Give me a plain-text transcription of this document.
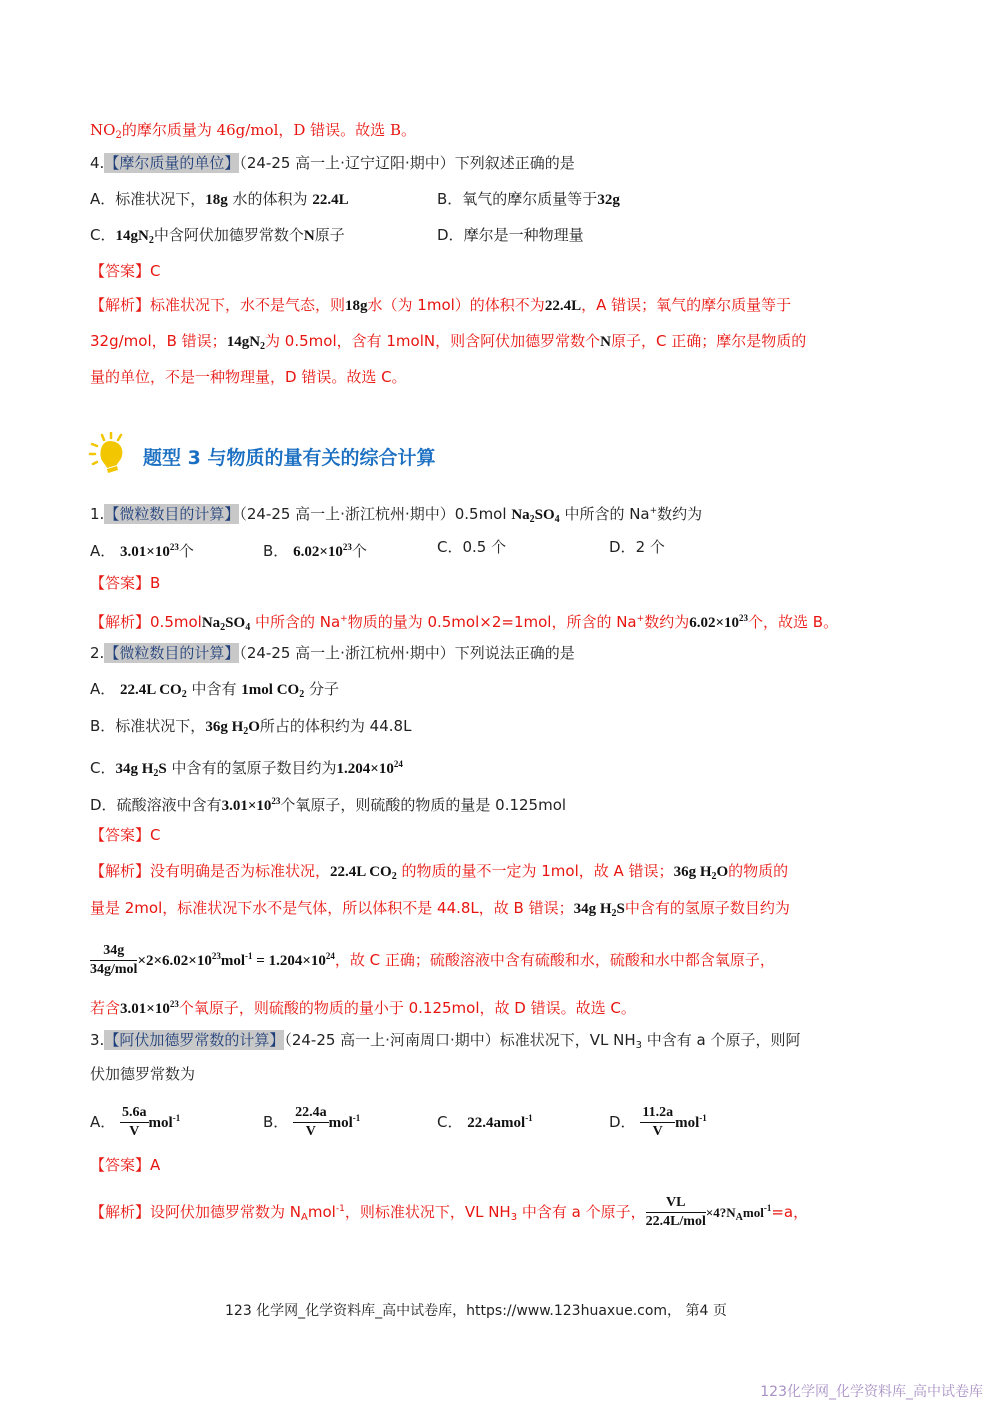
$NO_2$的摩尔质量为 46g/mol，D 错误。故选 B。
4.【摩尔质量的单位】（24-25 高一上·辽宁辽阳·期中）下列叙述正确的是
A．标准状况下，18g 水的体积为 22.4L	B．氧气的摩尔质量等于32g
C．$14gN_2$中含阿伏加德罗常数个N原子	D．摩尔是一种物理量
【答案】C
【解析】标准状况下，水不是气态，则18g水（为 1mol）的体积不为22.4L，A 错误；氧气的摩尔质量等于
32g/mol，B 错误；$14gN_2$为 0.5mol，含有 1molN，则含阿伏加德罗常数个N原子，C 正确；摩尔是物质的
量的单位，不是一种物理量，D 错误。故选 C。
题型 3 与物质的量有关的综合计算
1.【微粒数目的计算】（24-25 高一上·浙江杭州·期中）0.5mol $Na_2SO_4$ 中所含的 Na+数约为
A． $3.01\times 10^{23}$个	B． $6.02\times 10^{23}$个	C．0.5 个	D．2 个
【答案】B
【解析】$0.5molNa_2SO_4$ 中所含的 Na+物质的量为 0.5mol×2=1mol，所含的 Na+数约为$6.02\times 10^{23}$个，故选 B。
2.【微粒数目的计算】（24-25 高一上·浙江杭州·期中）下列说法正确的是
A． 22.4L $CO_2$ 中含有 1mol $CO_2$ 分子
B．标准状况下，36g $H_2O$所占的体积约为 44.8L
C．34g $H_2S$ 中含有的氢原子数目约为$1.204\times 10^{24}$
D．硫酸溶液中含有$3.01\times 10^{23}$个氧原子，则硫酸的物质的量是 0.125mol
【答案】C
【解析】没有明确是否为标准状况，22.4L $CO_2$ 的物质的量不一定为 1mol，故 A 错误；36g $H_2O$的物质的
量是 2mol，标准状况下水不是气体，所以体积不是 44.8L，故 B 错误；34g $H_2S$中含有的氢原子数目约为
$\frac{34g}{\text{34g/mol}} \times 2\times 6.02\times 10^{23}mol^{-1} = 1.204\times 10^{24}$，故 C 正确；硫酸溶液中含有硫酸和水，硫酸和水中都含氧原子，
若含$3.01\times 10^{23}$个氧原子，则硫酸的物质的量小于 0.125mol，故 D 错误。故选 C。
3.【阿伏加德罗常数的计算】（24-25 高一上·河南周口·期中）标准状况下，VL $NH_3$ 中含有 a 个原子，则阿
伏加德罗常数为
A． $\frac{5.6a}{V} mol^{-1}$	B． $\frac{22.4a}{V} mol^{-1}$	C． 22.4amol$^{-1}$	D． $\frac{11.2a}{V} mol^{-1}$
【答案】A
【解析】设阿伏加德罗常数为 $N_Amol^{-1}$，则标准状况下，VL $NH_3$ 中含有 a 个原子， $\frac{VL}{\text{22.4L/mol}}$ $\times 4?N_Amol^{-1}=a$，
123 化学网_化学资料库_高中试卷库，https://www.123huaxue.com， 第4 页
123化学网_化学资料库_高中试卷库
